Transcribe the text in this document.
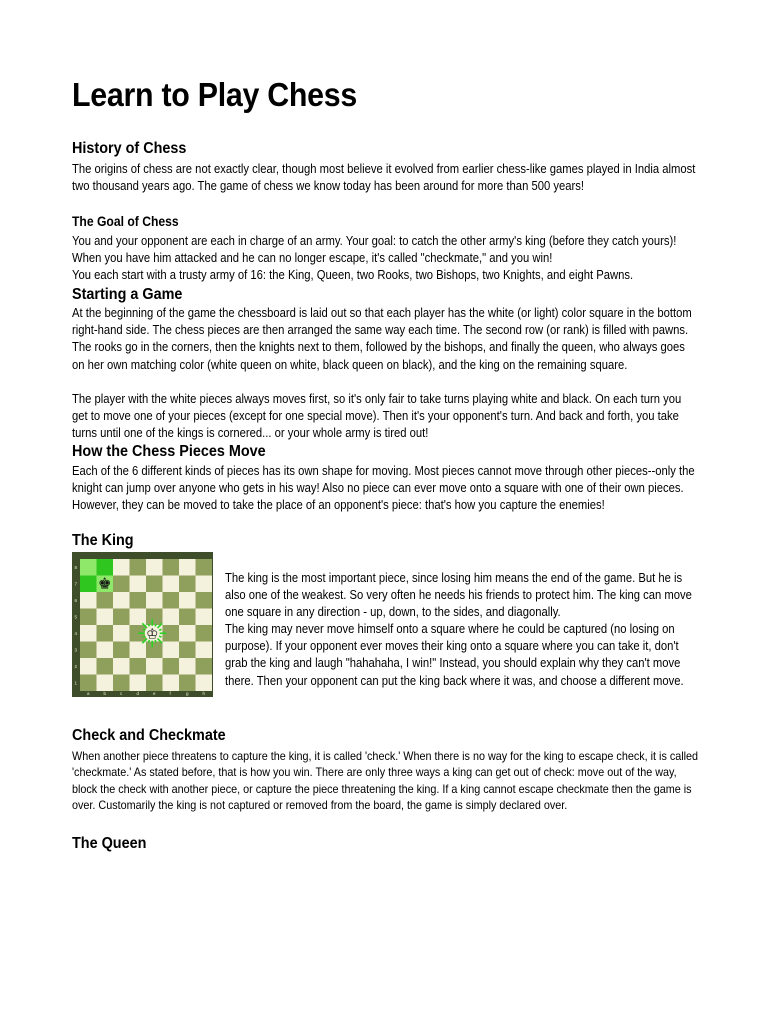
Learn to Play Chess
History of Chess

The origins of chess are not exactly clear, though most believe it evolved from earlier chess-like games played in India almost two thousand years ago. The game of chess we know today has been around for more than 500 years!

The Goal of Chess

You and your opponent are each in charge of an army. Your goal: to catch the other army's king (before they catch yours)! When you have him attacked and he can no longer escape, it's called "checkmate," and you win!

You each start with a trusty army of 16: the King, Queen, two Rooks, two Bishops, two Knights, and eight Pawns.

Starting a Game

At the beginning of the game the chessboard is laid out so that each player has the white (or light) color square in the bottom right-hand side. The chess pieces are then arranged the same way each time. The second row (or rank) is filled with pawns. The rooks go in the corners, then the knights next to them, followed by the bishops, and finally the queen, who always goes on her own matching color (white queen on white, black queen on black), and the king on the remaining square.

The player with the white pieces always moves first, so it's only fair to take turns playing white and black. On each turn you get to move one of your pieces (except for one special move). Then it's your opponent's turn. And back and forth, you take turns until one of the kings is cornered... or your whole army is tired out!

How the Chess Pieces Move

Each of the 6 different kinds of pieces has its own shape for moving. Most pieces cannot move through other pieces--only the knight can jump over anyone who gets in his way! Also no piece can ever move onto a square with one of their own pieces. However, they can be moved to take the place of an opponent's piece: that's how you capture the enemies!

The King
8
7
6
5
4
3
2
1
a	b	c	d	e	f	g	h
♚
♔

The king is the most important piece, since losing him means the end of the game. But he is also one of the weakest. So very often he needs his friends to protect him. The king can move one square in any direction - up, down, to the sides, and diagonally.

The king may never move himself onto a square where he could be captured (no losing on purpose). If your opponent ever moves their king onto a square where you can take it, don't grab the king and laugh "hahahaha, I win!" Instead, you should explain why they can't move there. Then your opponent can put the king back where it was, and choose a different move.

Check and Checkmate

When another piece threatens to capture the king, it is called 'check.' When there is no way for the king to escape check, it is called 'checkmate.' As stated before, that is how you win. There are only three ways a king can get out of check: move out of the way, block the check with another piece, or capture the piece threatening the king. If a king cannot escape checkmate then the game is over. Customarily the king is not captured or removed from the board, the game is simply declared over.

The Queen
